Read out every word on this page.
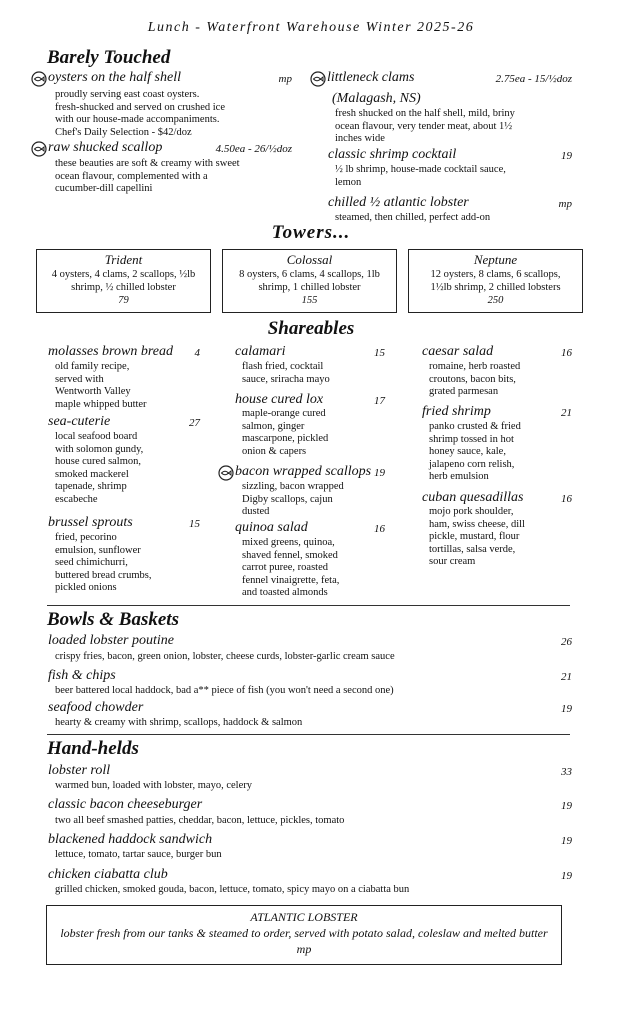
Lunch - Waterfront Warehouse Winter 2025-26
Barely Touched
oysters on the half shell	mp
proudly serving east coast oysters.
fresh-shucked and served on crushed ice
with our house-made accompaniments.
Chef's Daily Selection - $42/doz
raw shucked scallop	4.50ea - 26/½doz
these beauties are soft & creamy with sweet
ocean flavour, complemented with a
cucumber-dill capellini
littleneck clams	2.75ea - 15/½doz
(Malagash, NS)
fresh shucked on the half shell, mild, briny
ocean flavour, very tender meat, about 1½
inches wide
classic shrimp cocktail	19
½ lb shrimp, house-made cocktail sauce,
lemon
chilled ½ atlantic lobster	mp
steamed, then chilled, perfect add-on
Towers...
Trident
4 oysters, 4 clams, 2 scallops, ½lb
shrimp, ½ chilled lobster
79
Colossal
8 oysters, 6 clams, 4 scallops, 1lb
shrimp, 1 chilled lobster
155
Neptune
12 oysters, 8 clams, 6 scallops,
1½lb shrimp, 2 chilled lobsters
250
Shareables
molasses brown bread	4
old family recipe,
served with
Wentworth Valley
maple whipped butter
sea-cuterie	27
local seafood board
with solomon gundy,
house cured salmon,
smoked mackerel
tapenade, shrimp
escabeche
brussel sprouts	15
fried, pecorino
emulsion, sunflower
seed chimichurri,
buttered bread crumbs,
pickled onions
calamari	15
flash fried, cocktail
sauce, sriracha mayo
house cured lox	17
maple-orange cured
salmon, ginger
mascarpone, pickled
onion & capers
bacon wrapped scallops 19
sizzling, bacon wrapped
Digby scallops, cajun
dusted
quinoa salad	16
mixed greens, quinoa,
shaved fennel, smoked
carrot puree, roasted
fennel vinaigrette, feta,
and toasted almonds
caesar salad	16
romaine, herb roasted
croutons, bacon bits,
grated parmesan
fried shrimp	21
panko crusted & fried
shrimp tossed in hot
honey sauce, kale,
jalapeno corn relish,
herb emulsion
cuban quesadillas	16
mojo pork shoulder,
ham, swiss cheese, dill
pickle, mustard, flour
tortillas, salsa verde,
sour cream
Bowls & Baskets
loaded lobster poutine	26
crispy fries, bacon, green onion, lobster, cheese curds, lobster-garlic cream sauce
fish & chips	21
beer battered local haddock, bad a** piece of fish (you won't need a second one)
seafood chowder	19
hearty & creamy with shrimp, scallops, haddock & salmon
Hand-helds
lobster roll	33
warmed bun, loaded with lobster, mayo, celery
classic bacon cheeseburger	19
two all beef smashed patties, cheddar, bacon, lettuce, pickles, tomato
blackened haddock sandwich	19
lettuce, tomato, tartar sauce, burger bun
chicken ciabatta club	19
grilled chicken, smoked gouda, bacon, lettuce, tomato, spicy mayo on a ciabatta bun
ATLANTIC LOBSTER
lobster fresh from our tanks & steamed to order, served with potato salad, coleslaw and melted butter
mp
